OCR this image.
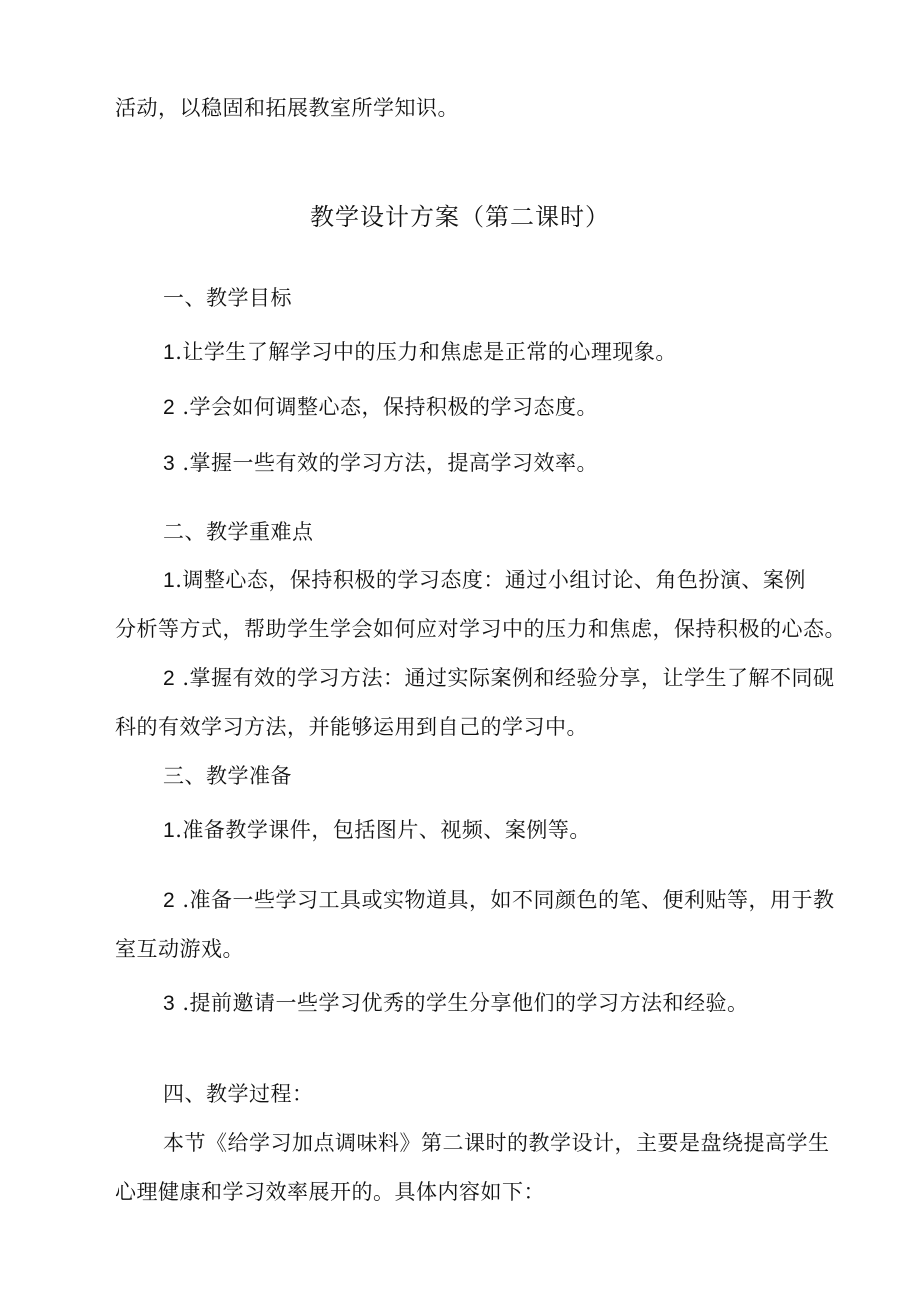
活动，以稳固和拓展教室所学知识。
教学设计方案（第二课时）
一、教学目标
1.让学生了解学习中的压力和焦虑是正常的心理现象。
2 .学会如何调整心态，保持积极的学习态度。
3 .掌握一些有效的学习方法，提高学习效率。
二、教学重难点
1.调整心态，保持积极的学习态度：通过小组讨论、角色扮演、案例
分析等方式，帮助学生学会如何应对学习中的压力和焦虑，保持积极的心态。
2 .掌握有效的学习方法：通过实际案例和经验分享，让学生了解不同砚
科的有效学习方法，并能够运用到自己的学习中。
三、教学准备
1.准备教学课件，包括图片、视频、案例等。
2 .准备一些学习工具或实物道具，如不同颜色的笔、便利贴等，用于教
室互动游戏。
3 .提前邀请一些学习优秀的学生分享他们的学习方法和经验。
四、教学过程：
本节《给学习加点调味料》第二课时的教学设计，主要是盘绕提高学生
心理健康和学习效率展开的。具体内容如下：
